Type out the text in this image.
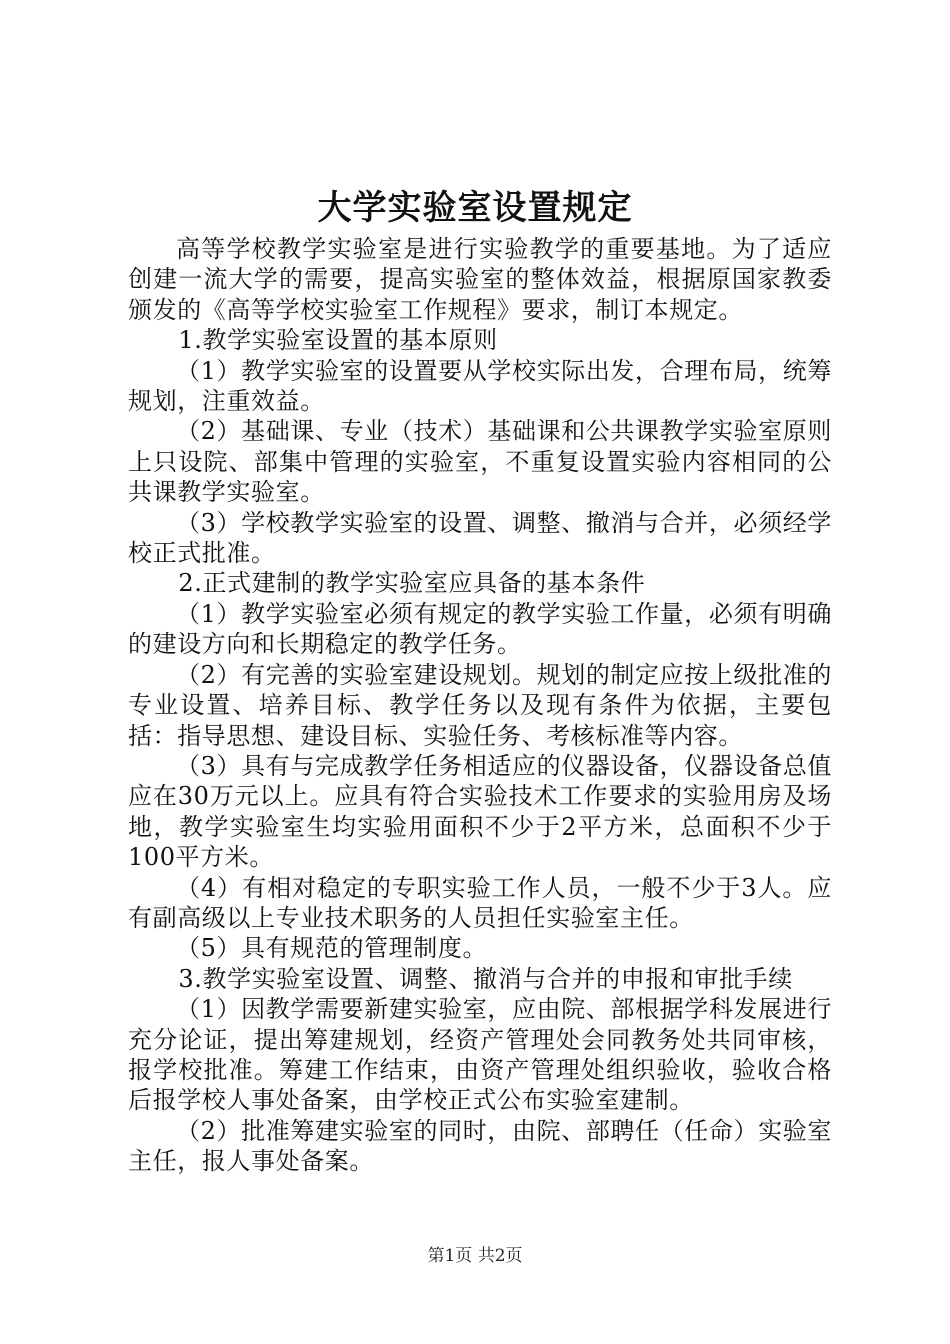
大学实验室设置规定

高等学校教学实验室是进行实验教学的重要基地。为了适应创建一流大学的需要，提高实验室的整体效益，根据原国家教委颁发的《高等学校实验室工作规程》要求，制订本规定。

1.教学实验室设置的基本原则

（1）教学实验室的设置要从学校实际出发，合理布局，统筹规划，注重效益。

（2）基础课、专业（技术）基础课和公共课教学实验室原则上只设院、部集中管理的实验室，不重复设置实验内容相同的公共课教学实验室。

（3）学校教学实验室的设置、调整、撤消与合并，必须经学校正式批准。

2.正式建制的教学实验室应具备的基本条件

（1）教学实验室必须有规定的教学实验工作量，必须有明确的建设方向和长期稳定的教学任务。

（2）有完善的实验室建设规划。规划的制定应按上级批准的专业设置、培养目标、教学任务以及现有条件为依据，主要包括：指导思想、建设目标、实验任务、考核标准等内容。

（3）具有与完成教学任务相适应的仪器设备，仪器设备总值应在30万元以上。应具有符合实验技术工作要求的实验用房及场地，教学实验室生均实验用面积不少于2平方米，总面积不少于100平方米。

（4）有相对稳定的专职实验工作人员，一般不少于3人。应有副高级以上专业技术职务的人员担任实验室主任。

（5）具有规范的管理制度。

3.教学实验室设置、调整、撤消与合并的申报和审批手续

（1）因教学需要新建实验室，应由院、部根据学科发展进行充分论证，提出筹建规划，经资产管理处会同教务处共同审核，报学校批准。筹建工作结束，由资产管理处组织验收，验收合格后报学校人事处备案，由学校正式公布实验室建制。

（2）批准筹建实验室的同时，由院、部聘任（任命）实验室主任，报人事处备案。

第1页 共2页
